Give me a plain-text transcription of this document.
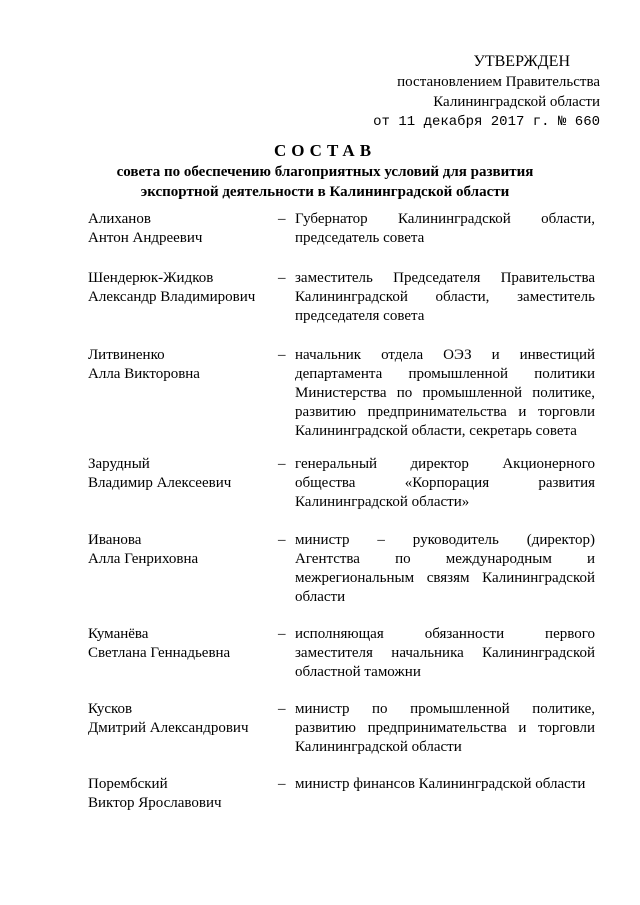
УТВЕРЖДЕН
постановлением Правительства
Калининградской области
от 11 декабря 2017 г. № 660
СОСТАВ
совета по обеспечению благоприятных условий для развития
экспортной деятельности в Калининградской области
Алиханов
Антон Андреевич
– Губернатор Калининградской области,
председатель совета
Шендерюк-Жидков
Александр Владимирович
– заместитель Председателя Правительства
Калининградской области, заместитель
председателя совета
Литвиненко
Алла Викторовна
– начальник отдела ОЭЗ и инвестиций
департамента промышленной политики
Министерства по промышленной политике,
развитию предпринимательства и торговли
Калининградской области, секретарь совета
Зарудный
Владимир Алексеевич
– генеральный директор Акционерного
общества «Корпорация развития
Калининградской области»
Иванова
Алла Генриховна
– министр – руководитель (директор)
Агентства по международным и
межрегиональным связям Калининградской
области
Куманёва
Светлана Геннадьевна
– исполняющая обязанности первого
заместителя начальника Калининградской
областной таможни
Кусков
Дмитрий Александрович
– министр по промышленной политике,
развитию предпринимательства и торговли
Калининградской области
Порембский
Виктор Ярославович
– министр финансов Калининградской области
